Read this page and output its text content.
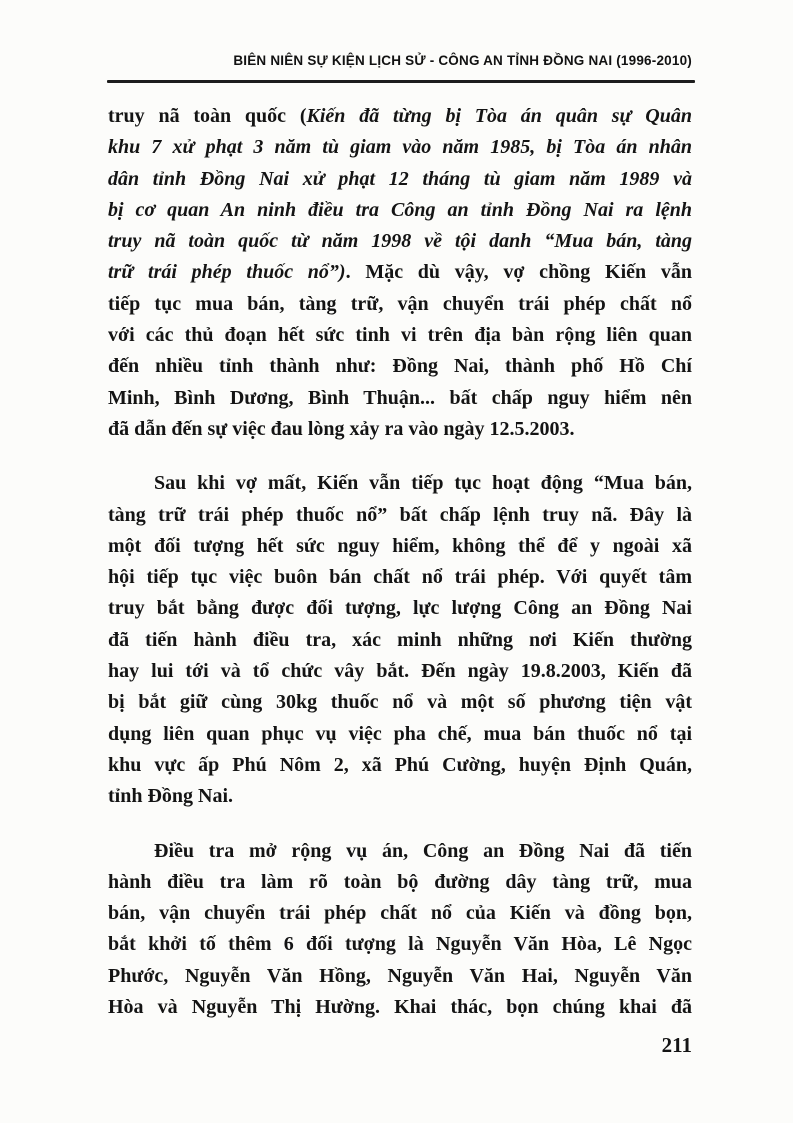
BIÊN NIÊN SỰ KIỆN LỊCH SỬ - CÔNG AN TỈNH ĐỒNG NAI (1996-2010)
truy nã toàn quốc (Kiến đã từng bị Tòa án quân sự Quân
khu 7 xử phạt 3 năm tù giam vào năm 1985, bị Tòa án nhân
dân tỉnh Đồng Nai xử phạt 12 tháng tù giam năm 1989 và
bị cơ quan An ninh điều tra Công an tỉnh Đồng Nai ra lệnh
truy nã toàn quốc từ năm 1998 về tội danh “Mua bán, tàng
trữ trái phép thuốc nổ”). Mặc dù vậy, vợ chồng Kiến vẫn
tiếp tục mua bán, tàng trữ, vận chuyển trái phép chất nổ
với các thủ đoạn hết sức tinh vi trên địa bàn rộng liên quan
đến nhiều tỉnh thành như: Đồng Nai, thành phố Hồ Chí
Minh, Bình Dương, Bình Thuận... bất chấp nguy hiểm nên
đã dẫn đến sự việc đau lòng xảy ra vào ngày 12.5.2003.
Sau khi vợ mất, Kiến vẫn tiếp tục hoạt động “Mua bán,
tàng trữ trái phép thuốc nổ” bất chấp lệnh truy nã. Đây là
một đối tượng hết sức nguy hiểm, không thể để y ngoài xã
hội tiếp tục việc buôn bán chất nổ trái phép. Với quyết tâm
truy bắt bằng được đối tượng, lực lượng Công an Đồng Nai
đã tiến hành điều tra, xác minh những nơi Kiến thường
hay lui tới và tổ chức vây bắt. Đến ngày 19.8.2003, Kiến đã
bị bắt giữ cùng 30kg thuốc nổ và một số phương tiện vật
dụng liên quan phục vụ việc pha chế, mua bán thuốc nổ tại
khu vực ấp Phú Nôm 2, xã Phú Cường, huyện Định Quán,
tỉnh Đồng Nai.
Điều tra mở rộng vụ án, Công an Đồng Nai đã tiến
hành điều tra làm rõ toàn bộ đường dây tàng trữ, mua
bán, vận chuyển trái phép chất nổ của Kiến và đồng bọn,
bắt khởi tố thêm 6 đối tượng là Nguyễn Văn Hòa, Lê Ngọc
Phước, Nguyễn Văn Hồng, Nguyễn Văn Hai, Nguyễn Văn
Hòa và Nguyễn Thị Hường. Khai thác, bọn chúng khai đã
211
